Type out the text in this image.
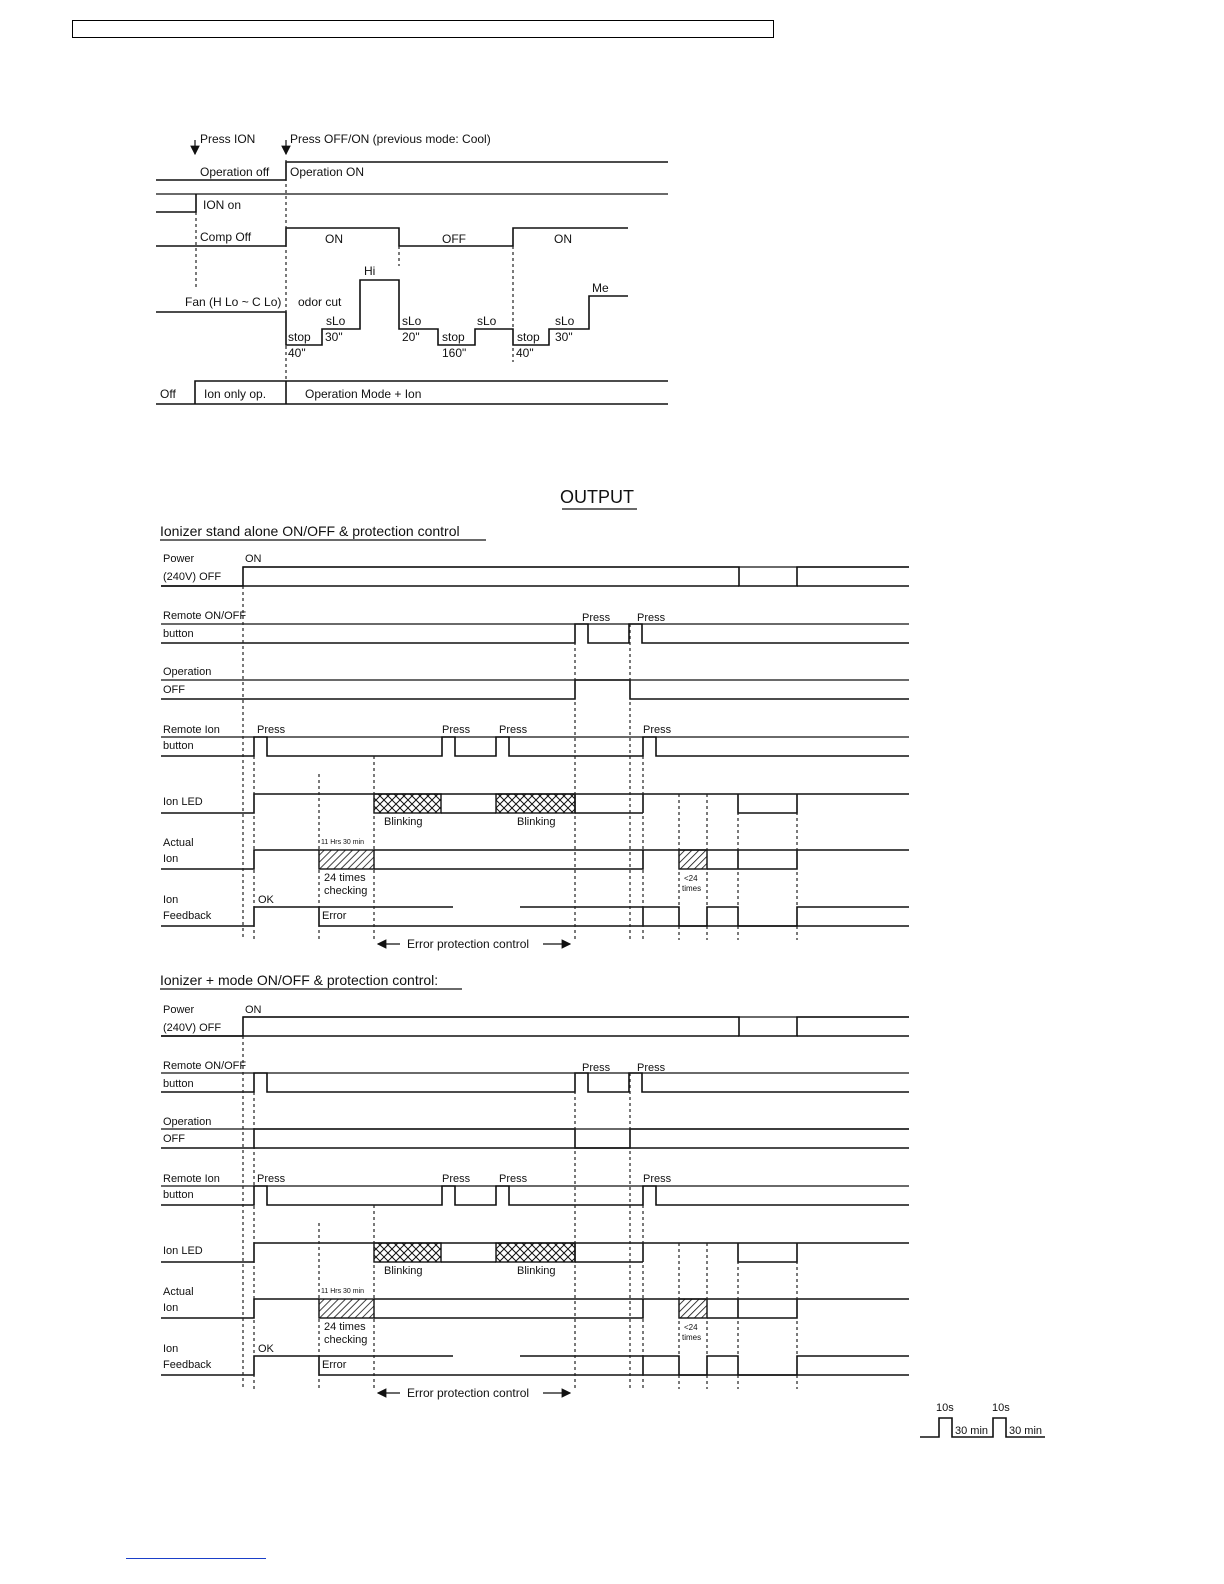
Press ION	Press OFF/ON (previous mode: Cool)
Operation off Operation ON
ION on
Comp Off	ON	OFF	ON
Fan (H Lo ~ C Lo) odor cut
Hi
Me
stop
40"
sLo
30"
sLo
20" stop
160"
sLo
stop
40"
sLo
30"
Off Ion only op.	Operation Mode + Ion
OUTPUT
Ionizer stand alone ON/OFF & protection control
Power
(240V) OFF
ON
Remote ON/OFF
button
Press Press
Operation
OFF
Remote Ion
button
Press	Press	Press	Press
Ion LED
Blinking	Blinking
Actual
Ion
11 Hrs 30 min
24 times
checking
<24
times
Ion
Feedback
OK
Error
Error protection control
Ionizer + mode ON/OFF & protection control:
Power
(240V) OFF
ON
Remote ON/OFF
button
Press Press
Operation
OFF
Remote Ion
button
Press	Press	Press	Press
Ion LED
Blinking	Blinking
Actual
Ion
11 Hrs 30 min
24 times
checking
<24
times
Ion
Feedback
OK
Error
Error protection control
10s	10s
30 min 30 min
